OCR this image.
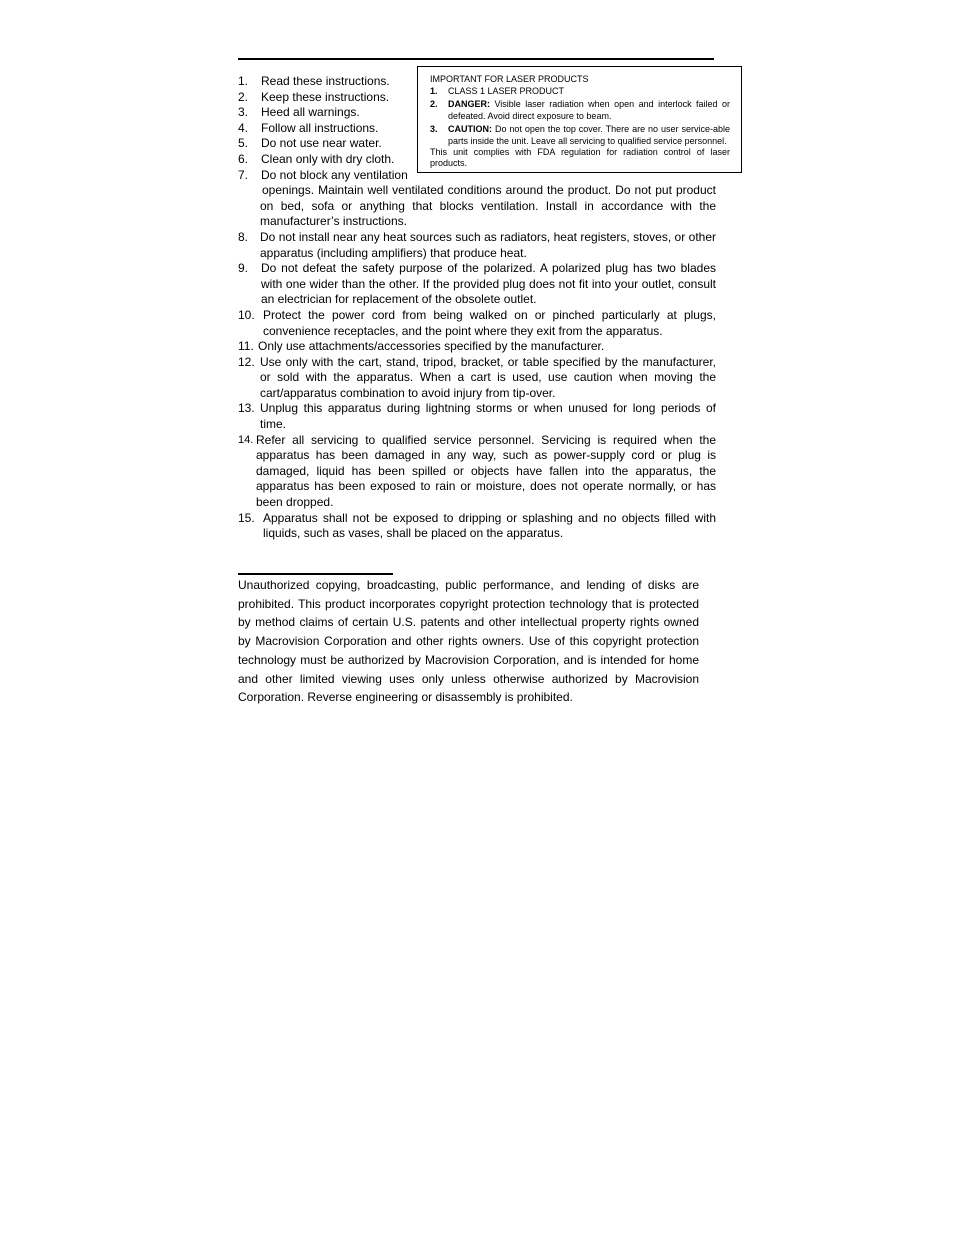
1. Read these instructions.
2. Keep these instructions.
3. Heed all warnings.
4. Follow all instructions.
5. Do not use near water.
6. Clean only with dry cloth.
7. Do not block any ventilation
openings. Maintain well ventilated conditions around the product. Do not put product on bed, sofa or anything that blocks ventilation. Install in accordance with the manufacturer’s instructions.
8. Do not install near any heat sources such as radiators, heat registers, stoves, or other apparatus (including amplifiers) that produce heat.
9. Do not defeat the safety purpose of the polarized. A polarized plug has two blades with one wider than the other. If the provided plug does not fit into your outlet, consult an electrician for replacement of the obsolete outlet.
10. Protect the power cord from being walked on or pinched particularly at plugs, convenience receptacles, and the point where they exit from the apparatus.
11. Only use attachments/accessories specified by the manufacturer.
12. Use only with the cart, stand, tripod, bracket, or table specified by the manufacturer, or sold with the apparatus. When a cart is used, use caution when moving the cart/apparatus combination to avoid injury from tip-over.
13. Unplug this apparatus during lightning storms or when unused for long periods of time.
14. Refer all servicing to qualified service personnel. Servicing is required when the apparatus has been damaged in any way, such as power-supply cord or plug is damaged, liquid has been spilled or objects have fallen into the apparatus, the apparatus has been exposed to rain or moisture, does not operate normally, or has been dropped.
15. Apparatus shall not be exposed to dripping or splashing and no objects filled with liquids, such as vases, shall be placed on the apparatus.

IMPORTANT FOR LASER PRODUCTS

1. CLASS 1 LASER PRODUCT
2. DANGER: Visible laser radiation when open and interlock failed or defeated. Avoid direct exposure to beam.
3. CAUTION: Do not open the top cover. There are no user service-able parts inside the unit. Leave all servicing to qualified service personnel.

This unit complies with FDA regulation for radiation control of laser products.

Unauthorized copying, broadcasting, public performance, and lending of disks are prohibited. This product incorporates copyright protection technology that is protected by method claims of certain U.S. patents and other intellectual property rights owned by Macrovision Corporation and other rights owners. Use of this copyright protection technology must be authorized by Macrovision Corporation, and is intended for home and other limited viewing uses only unless otherwise authorized by Macrovision Corporation. Reverse engineering or disassembly is prohibited.
